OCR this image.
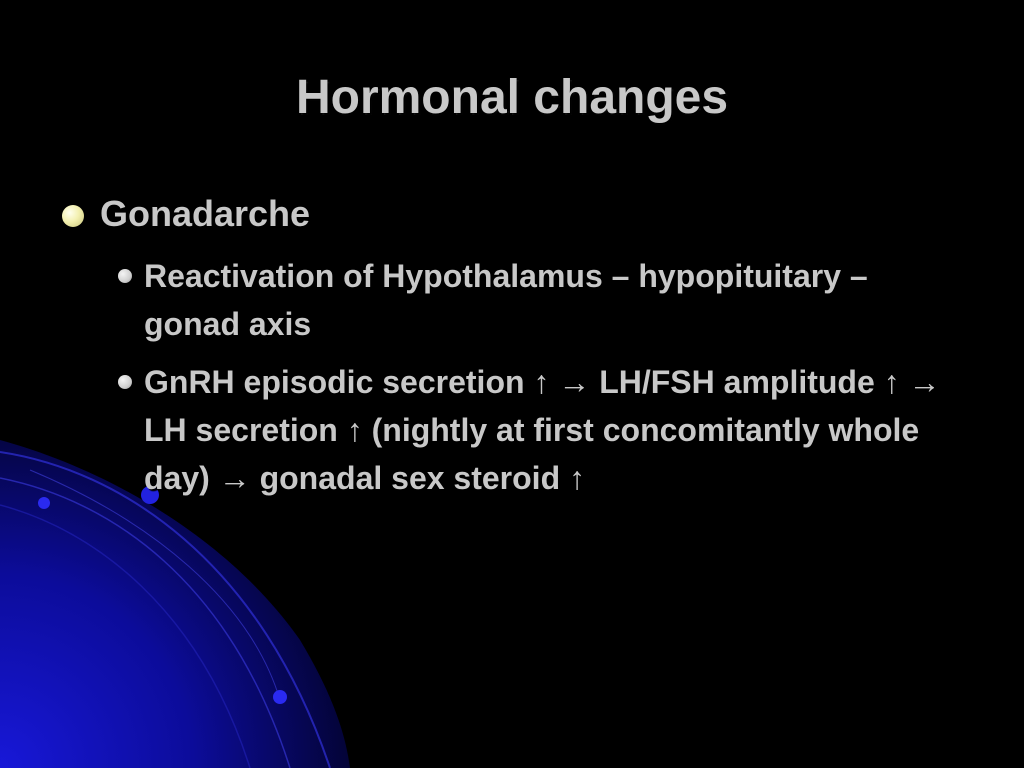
Hormonal changes
Gonadarche
Reactivation of Hypothalamus – hypopituitary – gonad axis
GnRH episodic secretion ↑ → LH/FSH amplitude ↑ → LH secretion ↑ (nightly at first concomitantly whole day) → gonadal sex steroid ↑
